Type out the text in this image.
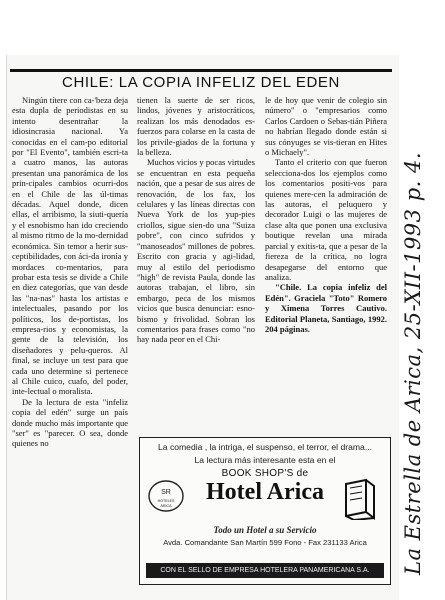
CHILE: LA COPIA INFELIZ DEL EDEN

Ningún títere con ca-'beza deja esta dupla de periodistas en su intento desentrañar la idiosincrasia nacional. Ya conocidas en el cam-po editorial por "El Evento", también escri-ta a cuatro manos, las autoras presentan una panorámica de los prin-cipales cambios ocurri-dos en el Chile de las úl-timas décadas. Aquel donde, dicen ellas, el arribismo, la siuti-quería y el esnobismo han ido creciendo al mismo ritmo de la mo-dernidad económica. Sin temor a herir sus-ceptibilidades, con áci-da ironía y mordaces co-mentarios, para probar esta tesis se divide a Chile en diez categorías, que van desde las "na-nas" hasta los artistas e intelectuales, pasando por los políticos, los de-portistas, los empresa-rios y economistas, la gente de la televisión, los diseñadores y pelu-queros. Al final, se incluye un test para que cada uno determine si pertenece al Chile cuico, cuafo, del poder, inte-lectual o moralista.

De la lectura de esta "infeliz copia del edén" surge un país donde mucho más importante que "ser" es "parecer. O sea, donde quienes no

tienen la suerte de ser ricos, lindos, jóvenes y aristocráticos, realizan los más denodados es-fuerzos para colarse en la casta de los privile-giados de la fortuna y la belleza.

Muchos vicios y pocas virtudes se encuentran en esta pequeña nación, que a pesar de sus aires de renovación, de los fax, los celulares y las líneas directas con Nueva York de los yup-pies criollos, sigue sien-do una "Suiza pobre", con cinco sufridos y "manoseados" millones de pobres. Escrito con gracia y agi-lidad, muy al estilo del periodismo "high" de revista Paula, donde las autoras trabajan, el libro, sin embargo, peca de los mismos vicios que busca denunciar: esno-bismo y frivolidad. Sobran los comentarios para frases como "no hay nada peor en el Chi-

le de hoy que venir de colegio sin número" o "empresarios como Carlos Cardoen o Sebas-tián Piñera no habrían llegado donde están si sus cónyuges se vis-tieran en Hites o Michaely".

Tanto el criterio con que fueron selecciona-dos los ejemplos como los comentarios positi-vos para quienes mere-cen la admiración de las autoras, el peluquero y decorador Luigi o las mujeres de clase alta que ponen una exclusiva boutique revelan una mirada parcial y exitis-ta, que a pesar de la fiereza de la crítica, no logra desapegarse del entorno que analiza.

"Chile. La copia infeliz del Edén". Graciela "Toto" Romero y Ximena Torres Cautivo. Editorial Planeta, Santiago, 1992. 204 páginas.

La comedia , la intriga, el suspenso, el terror, el drama...
La lectura más interesante esta en el
BOOK SHOP'S de
SR
HOTELES
ARICA
Hotel Arica
Todo un Hotel a su Servicio
Avda. Comandante San Martín 599 Fono - Fax 231133 Arica
CON EL SELLO DE EMPRESA HOTELERA PANAMERICANA S.A.	La Estrella de Arica, 25-XII-1993 p. 4.
